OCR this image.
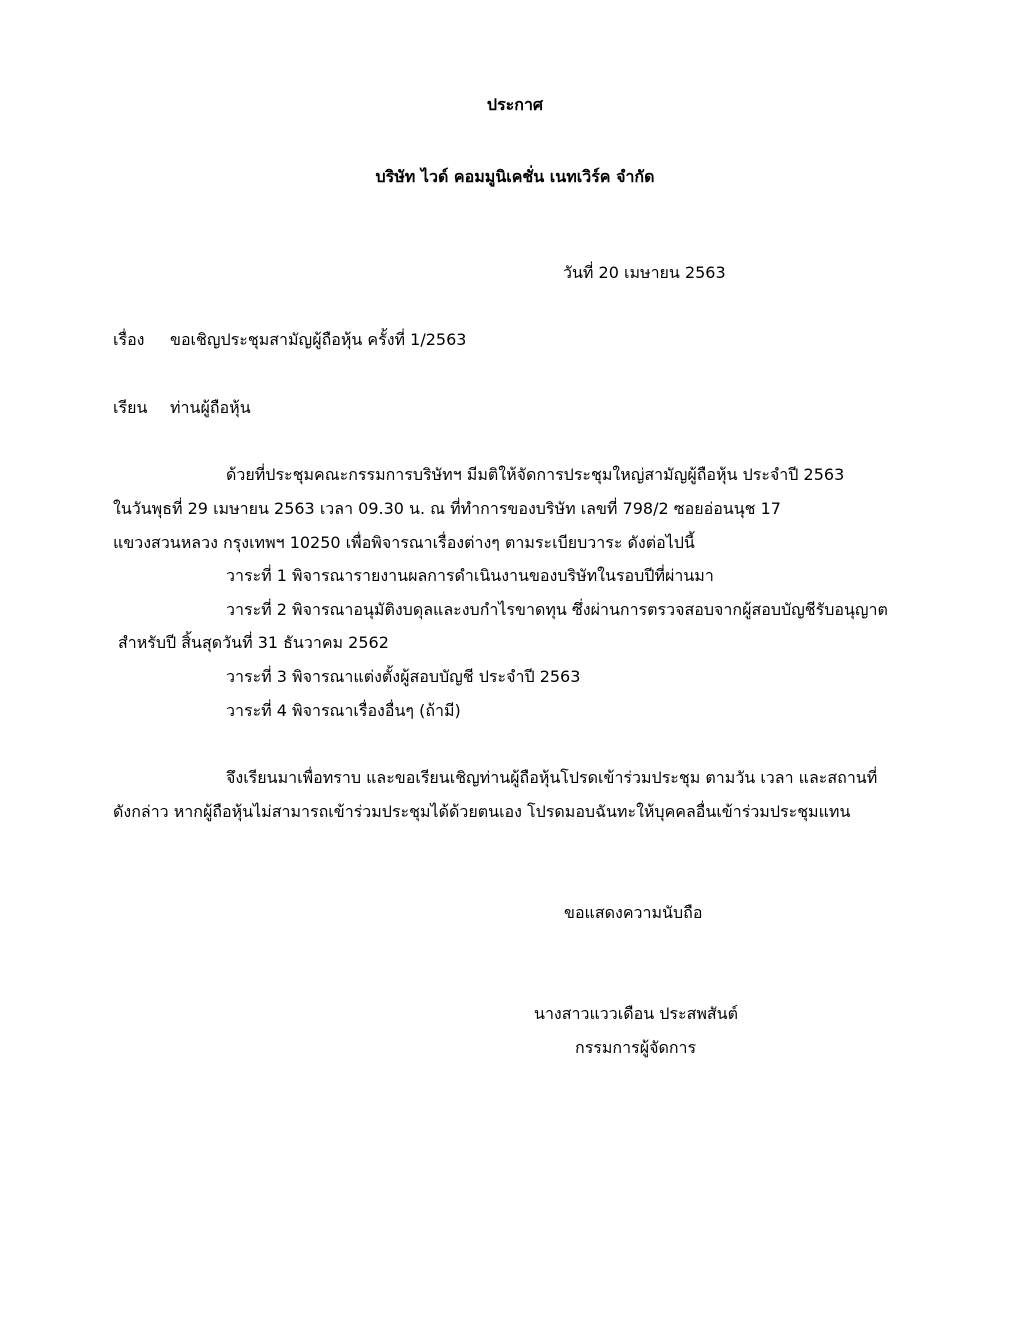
ประกาศ
บริษัท ไวด์ คอมมูนิเคชั่น เนทเวิร์ค จำกัด
วันที่ 20 เมษายน 2563
เรื่อง ขอเชิญประชุมสามัญผู้ถือหุ้น ครั้งที่ 1/2563
เรียน ท่านผู้ถือหุ้น
ด้วยที่ประชุมคณะกรรมการบริษัทฯ มีมติให้จัดการประชุมใหญ่สามัญผู้ถือหุ้น ประจำปี 2563
ในวันพุธที่ 29 เมษายน 2563 เวลา 09.30 น. ณ ที่ทำการของบริษัท เลขที่ 798/2 ซอยอ่อนนุช 17
แขวงสวนหลวง กรุงเทพฯ 10250 เพื่อพิจารณาเรื่องต่างๆ ตามระเบียบวาระ ดังต่อไปนี้
วาระที่ 1 พิจารณารายงานผลการดำเนินงานของบริษัทในรอบปีที่ผ่านมา
วาระที่ 2 พิจารณาอนุมัติงบดุลและงบกำไรขาดทุน ซึ่งผ่านการตรวจสอบจากผู้สอบบัญชีรับอนุญาต
สำหรับปี สิ้นสุดวันที่ 31 ธันวาคม 2562
วาระที่ 3 พิจารณาแต่งตั้งผู้สอบบัญชี ประจำปี 2563
วาระที่ 4 พิจารณาเรื่องอื่นๆ (ถ้ามี)
จึงเรียนมาเพื่อทราบ และขอเรียนเชิญท่านผู้ถือหุ้นโปรดเข้าร่วมประชุม ตามวัน เวลา และสถานที่
ดังกล่าว หากผู้ถือหุ้นไม่สามารถเข้าร่วมประชุมได้ด้วยตนเอง โปรดมอบฉันทะให้บุคคลอื่นเข้าร่วมประชุมแทน
ขอแสดงความนับถือ
นางสาวแววเดือน ประสพสันต์
กรรมการผู้จัดการ
